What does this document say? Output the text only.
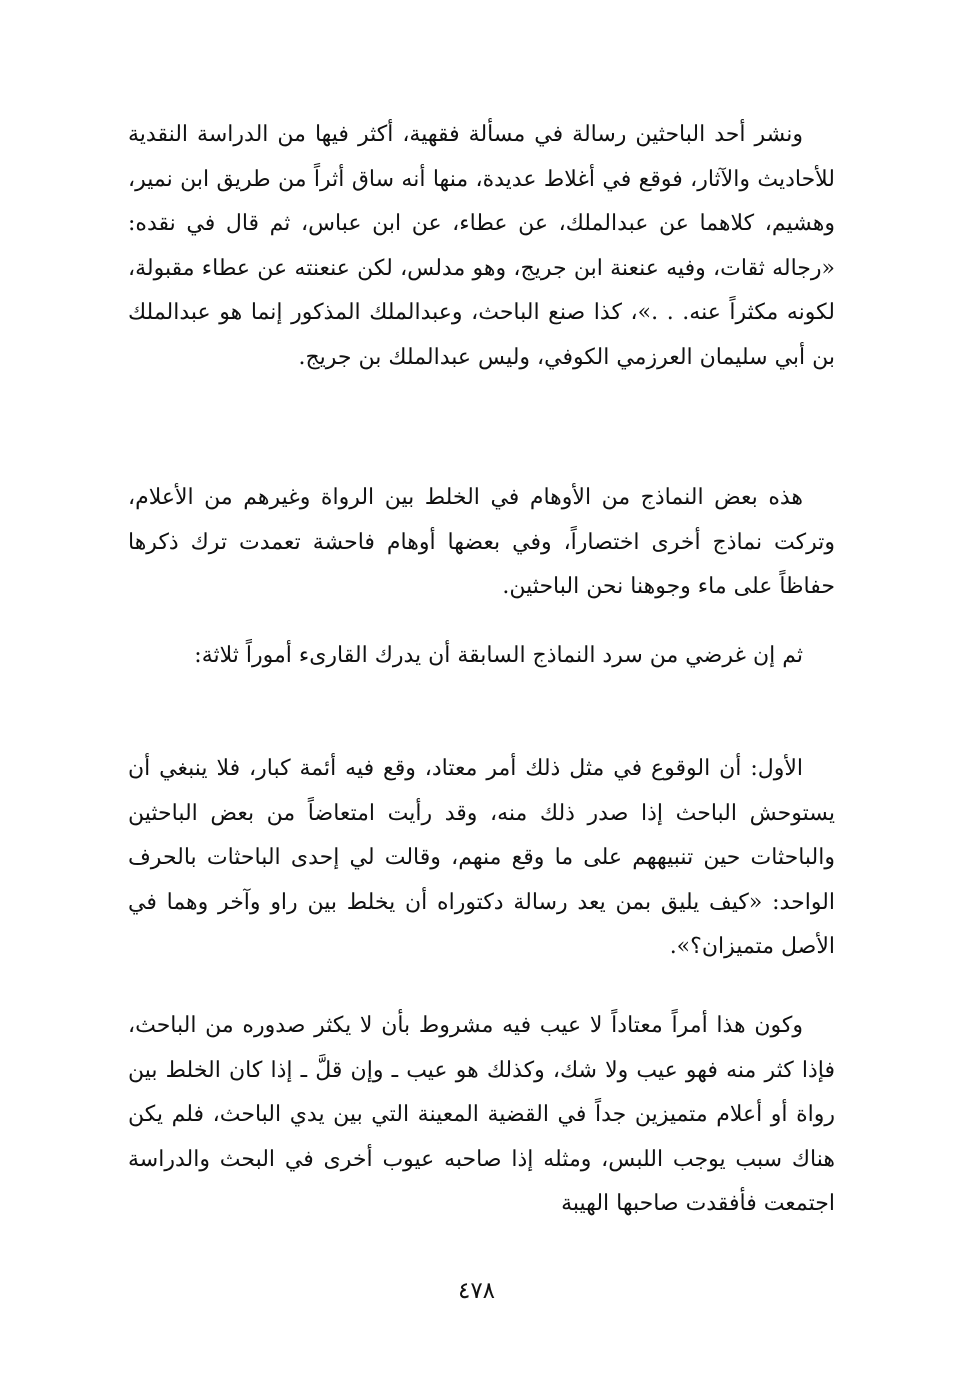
ونشر أحد الباحثين رسالة في مسألة فقهية، أكثر فيها من الدراسة النقدية للأحاديث والآثار، فوقع في أغلاط عديدة، منها أنه ساق أثراً من طريق ابن نمير، وهشيم، كلاهما عن عبدالملك، عن عطاء، عن ابن عباس، ثم قال في نقده: «رجاله ثقات، وفيه عنعنة ابن جريج، وهو مدلس، لكن عنعنته عن عطاء مقبولة، لكونه مكثراً عنه. . .»، كذا صنع الباحث، وعبدالملك المذكور إنما هو عبدالملك بن أبي سليمان العرزمي الكوفي، وليس عبدالملك بن جريج.

هذه بعض النماذج من الأوهام في الخلط بين الرواة وغيرهم من الأعلام، وتركت نماذج أخرى اختصاراً، وفي بعضها أوهام فاحشة تعمدت ترك ذكرها حفاظاً على ماء وجوهنا نحن الباحثين.

ثم إن غرضي من سرد النماذج السابقة أن يدرك القارىء أموراً ثلاثة:

الأول: أن الوقوع في مثل ذلك أمر معتاد، وقع فيه أئمة كبار، فلا ينبغي أن يستوحش الباحث إذا صدر ذلك منه، وقد رأيت امتعاضاً من بعض الباحثين والباحثات حين تنبيههم على ما وقع منهم، وقالت لي إحدى الباحثات بالحرف الواحد: «كيف يليق بمن يعد رسالة دكتوراه أن يخلط بين راو وآخر وهما في الأصل متميزان؟».

وكون هذا أمراً معتاداً لا عيب فيه مشروط بأن لا يكثر صدوره من الباحث، فإذا كثر منه فهو عيب ولا شك، وكذلك هو عيب ـ وإن قلَّ ـ إذا كان الخلط بين رواة أو أعلام متميزين جداً في القضية المعينة التي بين يدي الباحث، فلم يكن هناك سبب يوجب اللبس، ومثله إذا صاحبه عيوب أخرى في البحث والدراسة اجتمعت فأفقدت صاحبها الهيبة

٤٧٨
